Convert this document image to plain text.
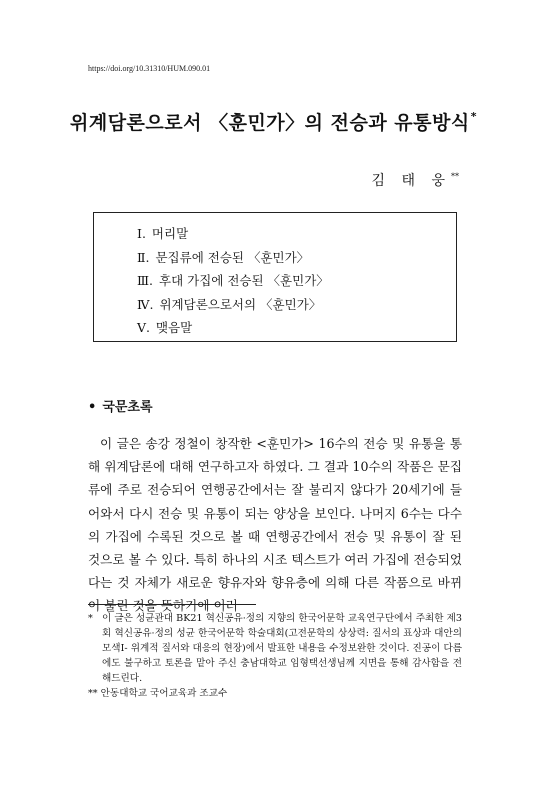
https://doi.org/10.31310/HUM.090.01
위계담론으로서 〈훈민가〉의 전승과 유통방식*
김 태 웅**
Ⅰ. 머리말
Ⅱ. 문집류에 전승된 〈훈민가〉
Ⅲ. 후대 가집에 전승된 〈훈민가〉
Ⅳ. 위계담론으로서의 〈훈민가〉
Ⅴ. 맺음말
• 국문초록

이 글은 송강 정철이 창작한 <훈민가> 16수의 전승 및 유통을 통해 위계담론에 대해 연구하고자 하였다. 그 결과 10수의 작품은 문집류에 주로 전승되어 연행공간에서는 잘 불리지 않다가 20세기에 들어와서 다시 전승 및 유통이 되는 양상을 보인다. 나머지 6수는 다수의 가집에 수록된 것으로 볼 때 연행공간에서 전승 및 유통이 잘 된 것으로 볼 수 있다. 특히 하나의 시조 텍스트가 여러 가집에 전승되었다는 것 자체가 새로운 향유자와 향유층에 의해 다른 작품으로 바뀌어 불린 것을 뜻하기에 이러

* 이 글은 성균관대 BK21 혁신공유·정의 지향의 한국어문학 교육연구단에서 주최한 제3회 혁신공유·정의 성균 한국어문학 학술대회(고전문학의 상상력: 질서의 표상과 대안의 모색Ⅰ- 위계적 질서와 대응의 현장)에서 발표한 내용을 수정보완한 것이다. 진공이 다름에도 불구하고 토론을 맡아 주신 충남대학교 임형택선생님께 지면을 통해 감사함을 전해드린다.

** 안동대학교 국어교육과 조교수
